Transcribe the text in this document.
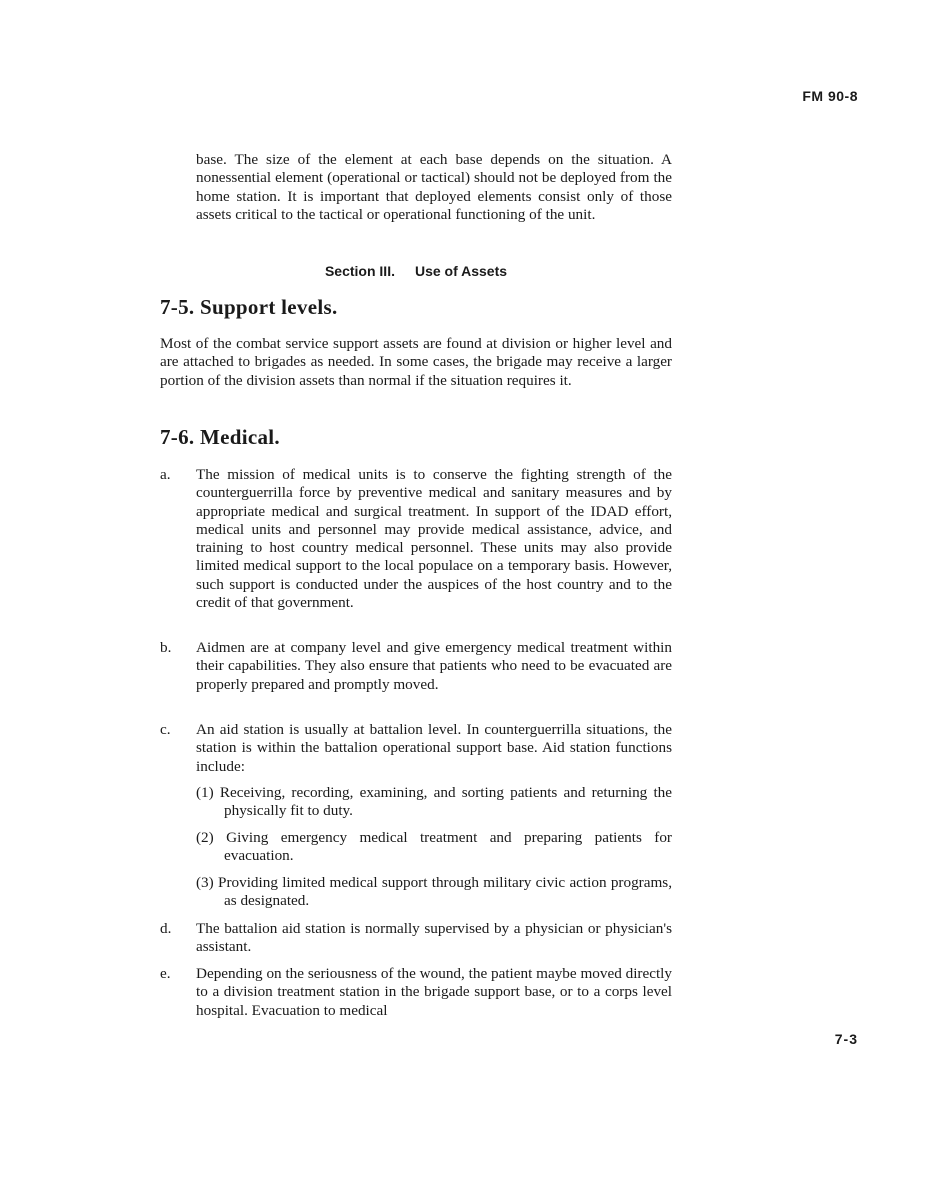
FM 90-8

base. The size of the element at each base depends on the situation. A nonessential element (operational or tactical) should not be deployed from the home station. It is important that deployed elements consist only of those assets critical to the tactical or operational functioning of the unit.

Section III. Use of Assets
7-5. Support levels.

Most of the combat service support assets are found at division or higher level and are attached to brigades as needed. In some cases, the brigade may receive a larger portion of the division assets than normal if the situation requires it.

7-6. Medical.
a. The mission of medical units is to conserve the fighting strength of the counterguerrilla force by preventive medical and sanitary measures and by appropriate medical and surgical treatment. In support of the IDAD effort, medical units and personnel may provide medical assistance, advice, and training to host country medical personnel. These units may also provide limited medical support to the local populace on a temporary basis. However, such support is conducted under the auspices of the host country and to the credit of that government.

b. Aidmen are at company level and give emergency medical treatment within their capabilities. They also ensure that patients who need to be evacuated are properly prepared and promptly moved.

c. An aid station is usually at battalion level. In counterguerrilla situations, the station is within the battalion operational support base. Aid station functions include:

(1) Receiving, recording, examining, and sorting patients and returning the physically fit to duty.

(2) Giving emergency medical treatment and preparing patients for evacuation.

(3) Providing limited medical support through military civic action programs, as designated.

d. The battalion aid station is normally supervised by a physician or physician's assistant.

e. Depending on the seriousness of the wound, the patient maybe moved directly to a division treatment station in the brigade support base, or to a corps level hospital. Evacuation to medical

7-3
